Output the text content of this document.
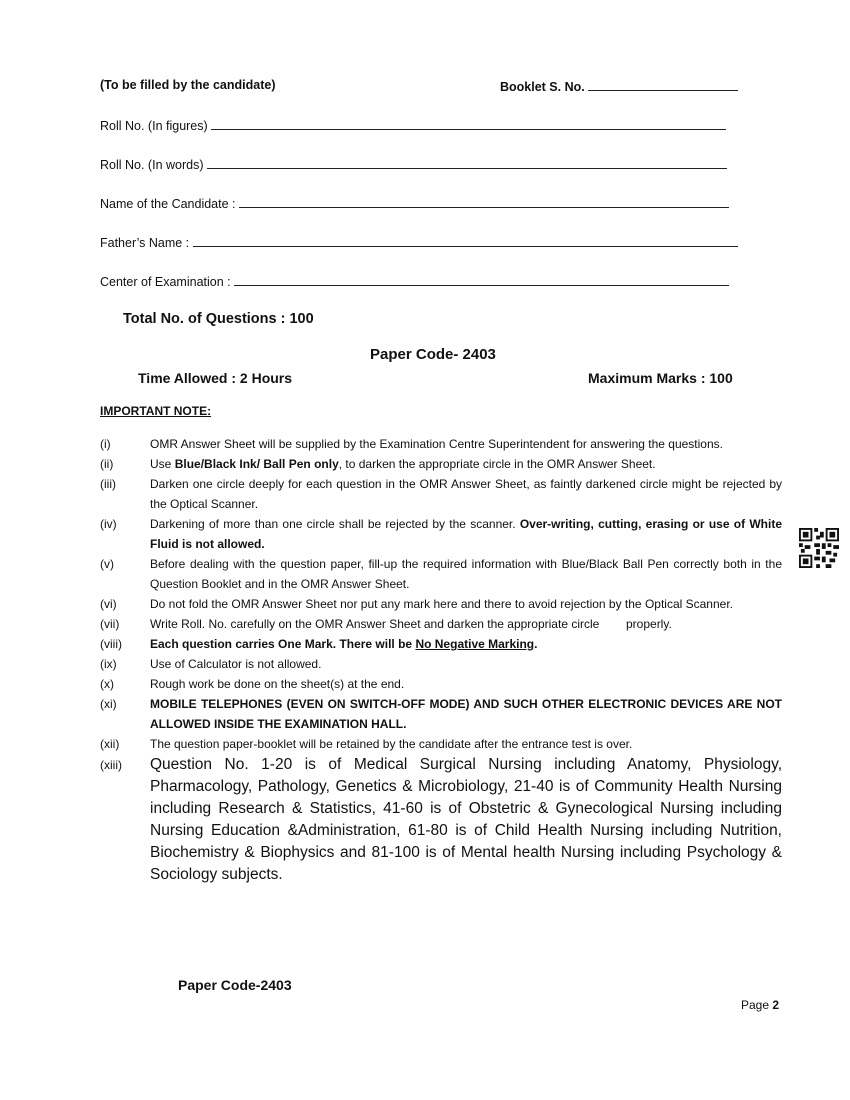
(To be filled by the candidate)	Booklet S. No.
Roll No. (In figures)
Roll No. (In words)
Name of the Candidate :
Father’s Name :
Center of Examination :
Total No. of Questions : 100
Paper Code- 2403
Time Allowed : 2 Hours	Maximum Marks : 100
IMPORTANT NOTE:
(i)	OMR Answer Sheet will be supplied by the Examination Centre Superintendent for answering the questions.
(ii)	Use Blue/Black Ink/ Ball Pen only, to darken the appropriate circle in the OMR Answer Sheet.
(iii)	Darken one circle deeply for each question in the OMR Answer Sheet, as faintly darkened circle might be rejected by the Optical Scanner.
(iv)	Darkening of more than one circle shall be rejected by the scanner. Over-writing, cutting, erasing or use of White Fluid is not allowed.
(v)	Before dealing with the question paper, fill-up the required information with Blue/Black Ball Pen correctly both in the Question Booklet and in the OMR Answer Sheet.
(vi)	Do not fold the OMR Answer Sheet nor put any mark here and there to avoid rejection by the Optical Scanner.
(vii)	Write Roll. No. carefully on the OMR Answer Sheet and darken the appropriate circle        properly.
(viii)	Each question carries One Mark. There will be No Negative Marking.
(ix)	Use of Calculator is not allowed.
(x)	Rough work be done on the sheet(s) at the end.
(xi)	MOBILE TELEPHONES (EVEN ON SWITCH-OFF MODE) AND SUCH OTHER ELECTRONIC DEVICES ARE NOT ALLOWED INSIDE THE EXAMINATION HALL.
(xii)	The question paper-booklet will be retained by the candidate after the entrance test is over.
(xiii)	Question No. 1-20 is of Medical Surgical Nursing including Anatomy, Physiology, Pharmacology, Pathology, Genetics & Microbiology, 21-40 is of Community Health Nursing including Research & Statistics, 41-60 is of Obstetric & Gynecological Nursing including Nursing Education &Administration, 61-80 is of Child Health Nursing including Nutrition, Biochemistry & Biophysics and 81-100 is of Mental health Nursing including Psychology & Sociology subjects.
Paper Code-2403
Page 2
